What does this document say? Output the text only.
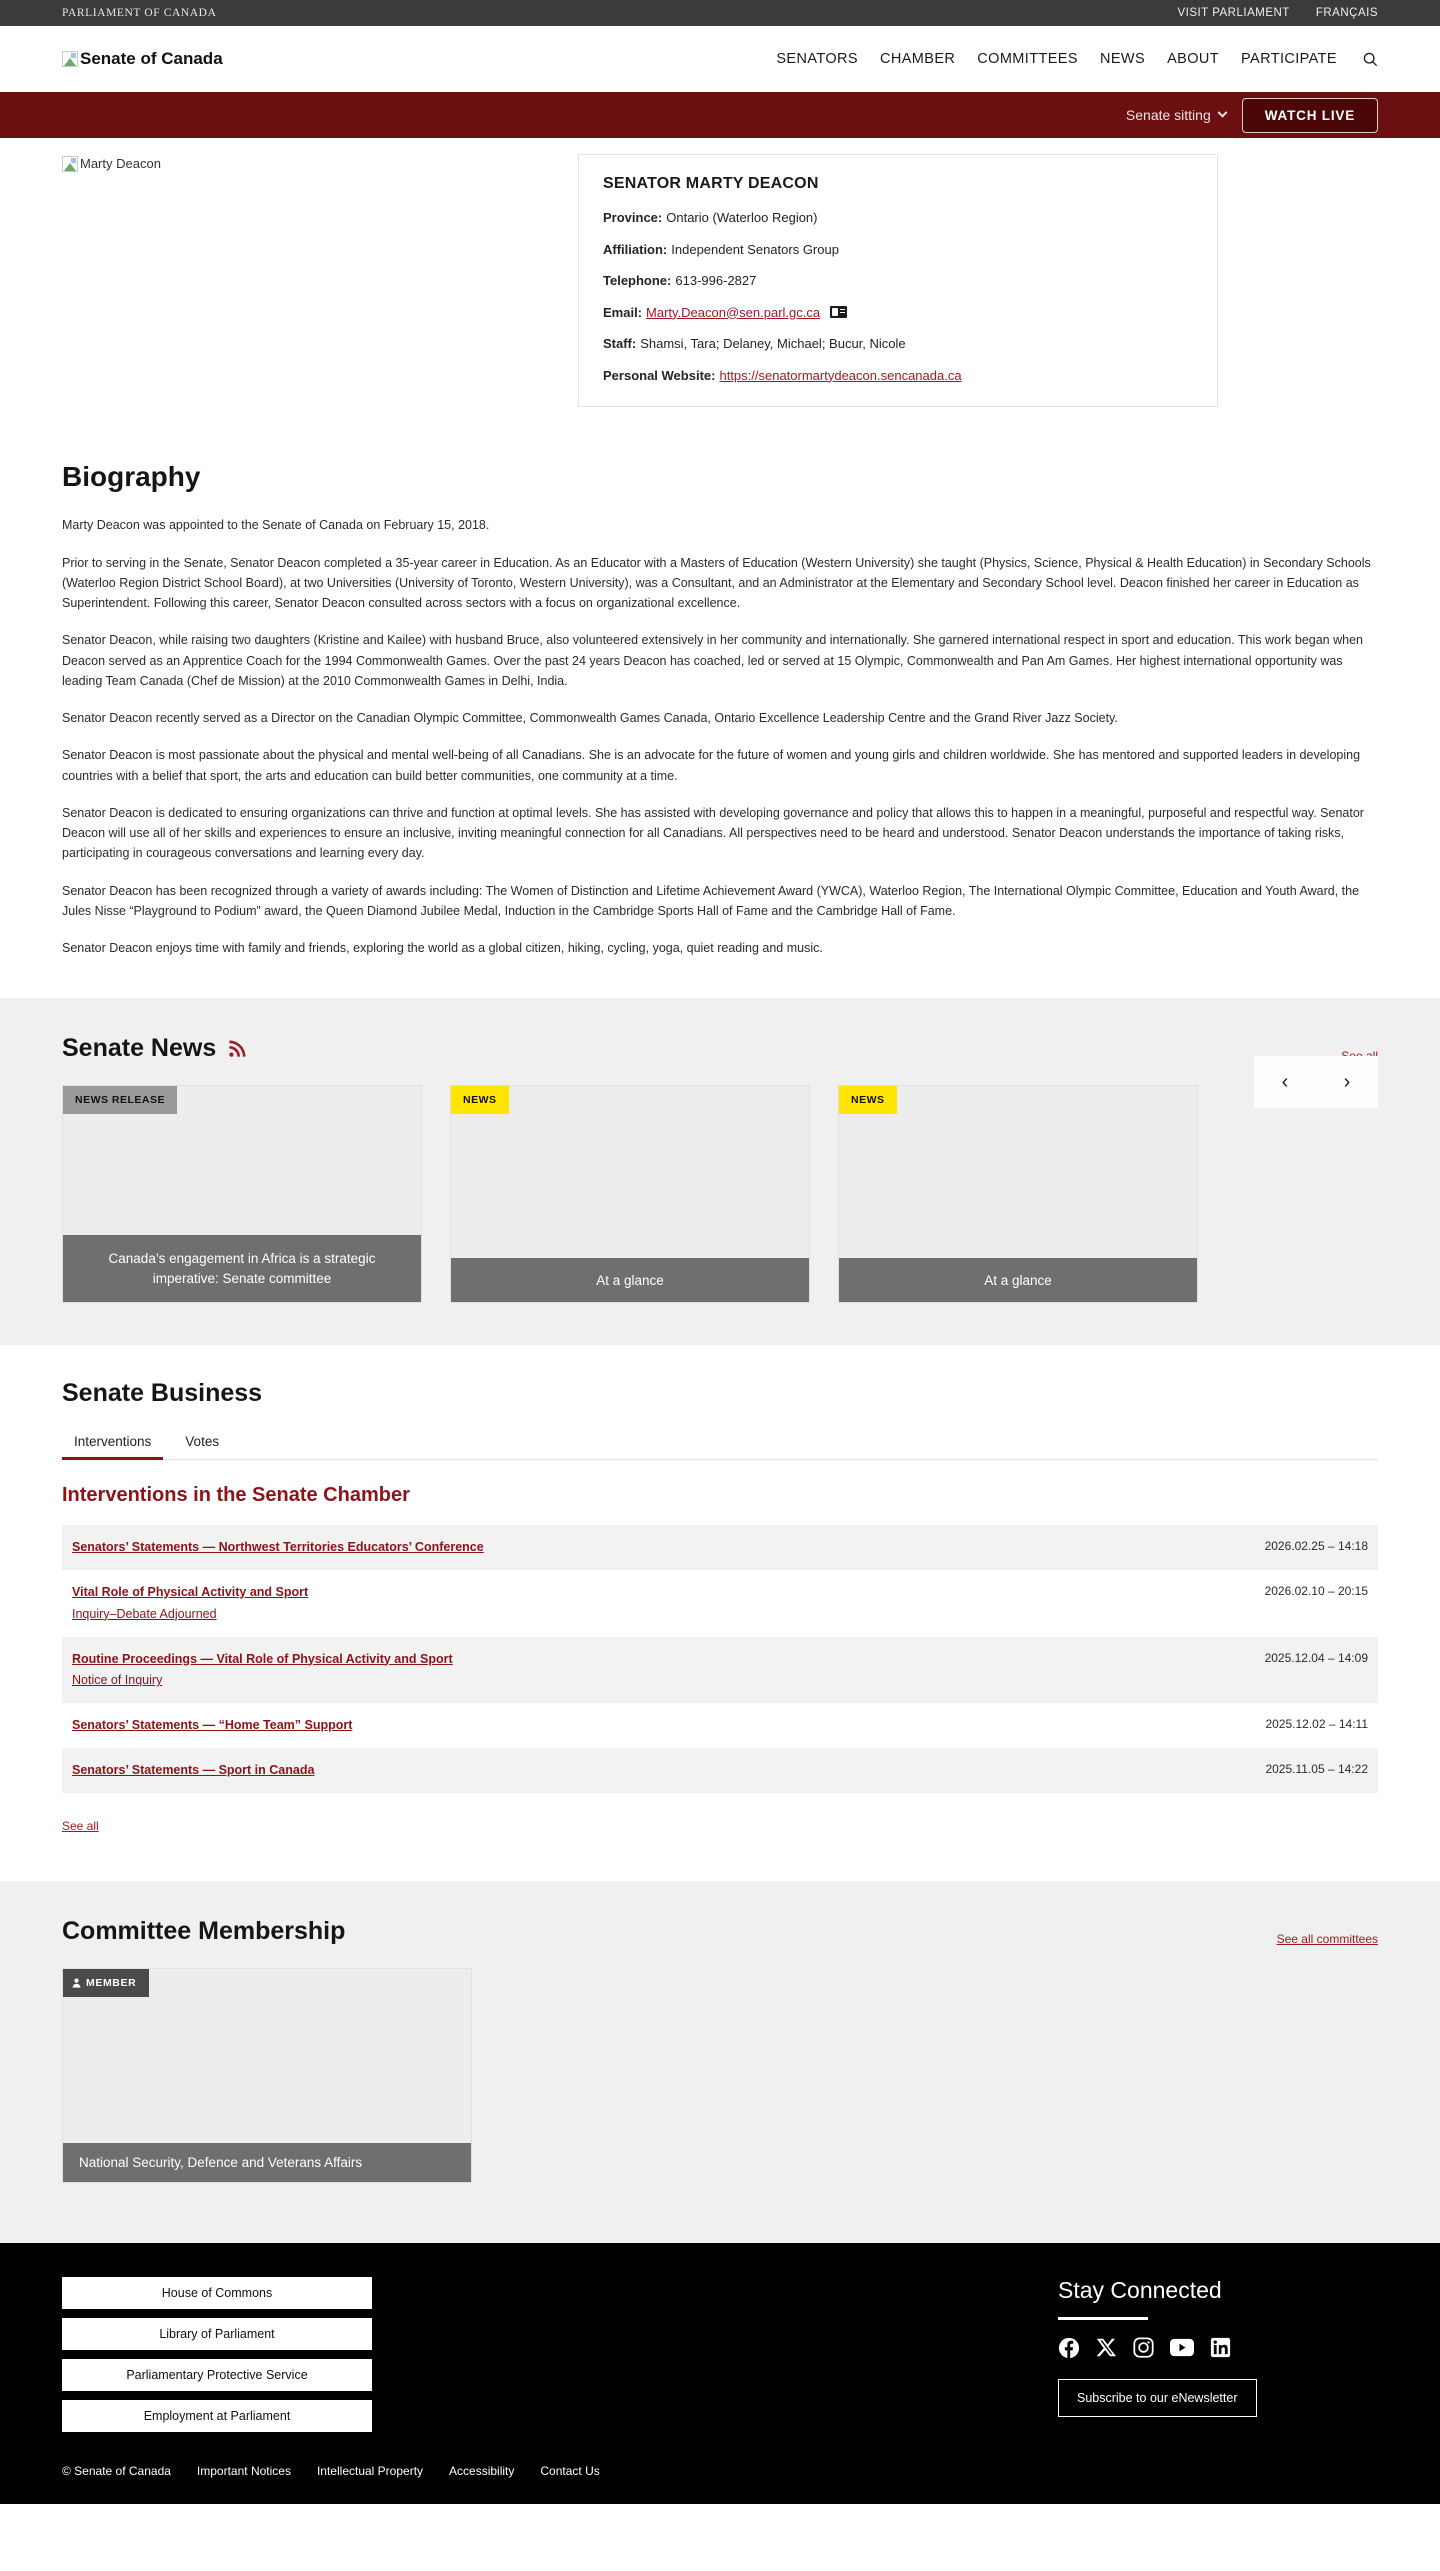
PARLIAMENT OF CANADA	VISIT PARLIAMENT FRANÇAIS
Senate of Canada	SENATORS CHAMBER COMMITTEES NEWS ABOUT PARTICIPATE
Senate sitting	WATCH LIVE
Marty Deacon
SENATOR MARTY DEACON
Province: Ontario (Waterloo Region)
Affiliation: Independent Senators Group
Telephone: 613-996-2827
Email: Marty.Deacon@sen.parl.gc.ca
Staff: Shamsi, Tara; Delaney, Michael; Bucur, Nicole
Personal Website: https://senatormartydeacon.sencanada.ca
Biography

Marty Deacon was appointed to the Senate of Canada on February 15, 2018.

Prior to serving in the Senate, Senator Deacon completed a 35-year career in Education. As an Educator with a Masters of Education (Western University) she taught (Physics, Science, Physical & Health Education) in Secondary Schools (Waterloo Region District School Board), at two Universities (University of Toronto, Western University), was a Consultant, and an Administrator at the Elementary and Secondary School level. Deacon finished her career in Education as Superintendent. Following this career, Senator Deacon consulted across sectors with a focus on organizational excellence.

Senator Deacon, while raising two daughters (Kristine and Kailee) with husband Bruce, also volunteered extensively in her community and internationally. She garnered international respect in sport and education. This work began when Deacon served as an Apprentice Coach for the 1994 Commonwealth Games. Over the past 24 years Deacon has coached, led or served at 15 Olympic, Commonwealth and Pan Am Games. Her highest international opportunity was leading Team Canada (Chef de Mission) at the 2010 Commonwealth Games in Delhi, India.

Senator Deacon recently served as a Director on the Canadian Olympic Committee, Commonwealth Games Canada, Ontario Excellence Leadership Centre and the Grand River Jazz Society.

Senator Deacon is most passionate about the physical and mental well-being of all Canadians. She is an advocate for the future of women and young girls and children worldwide. She has mentored and supported leaders in developing countries with a belief that sport, the arts and education can build better communities, one community at a time.

Senator Deacon is dedicated to ensuring organizations can thrive and function at optimal levels. She has assisted with developing governance and policy that allows this to happen in a meaningful, purposeful and respectful way. Senator Deacon will use all of her skills and experiences to ensure an inclusive, inviting meaningful connection for all Canadians. All perspectives need to be heard and understood. Senator Deacon understands the importance of taking risks, participating in courageous conversations and learning every day.

Senator Deacon has been recognized through a variety of awards including: The Women of Distinction and Lifetime Achievement Award (YWCA), Waterloo Region, The International Olympic Committee, Education and Youth Award, the Jules Nisse “Playground to Podium” award, the Queen Diamond Jubilee Medal, Induction in the Cambridge Sports Hall of Fame and the Cambridge Hall of Fame.

Senator Deacon enjoys time with family and friends, exploring the world as a global citizen, hiking, cycling, yoga, quiet reading and music.

Senate News
NEWS RELEASE
Canada’s engagement in Africa is a strategic imperative: Senate committee
NEWS
At a glance
NEWS
At a glance
‹	›
Senate Business
Interventions	Votes
Interventions in the Senate Chamber
Senators’ Statements — Northwest Territories Educators’ Conference	2026.02.25 – 14:18
Vital Role of Physical Activity and Sport
Inquiry–Debate Adjourned
2026.02.10 – 20:15
Routine Proceedings — Vital Role of Physical Activity and Sport
Notice of Inquiry
2025.12.04 – 14:09
Senators’ Statements — “Home Team” Support	2025.12.02 – 14:11
Senators’ Statements — Sport in Canada	2025.11.05 – 14:22
See all
Committee Membership	See all committees
MEMBER
National Security, Defence and Veterans Affairs
House of Commons
Library of Parliament
Parliamentary Protective Service
Employment at Parliament
Stay Connected
Subscribe to our eNewsletter
© Senate of Canada Important Notices Intellectual Property Accessibility Contact Us
